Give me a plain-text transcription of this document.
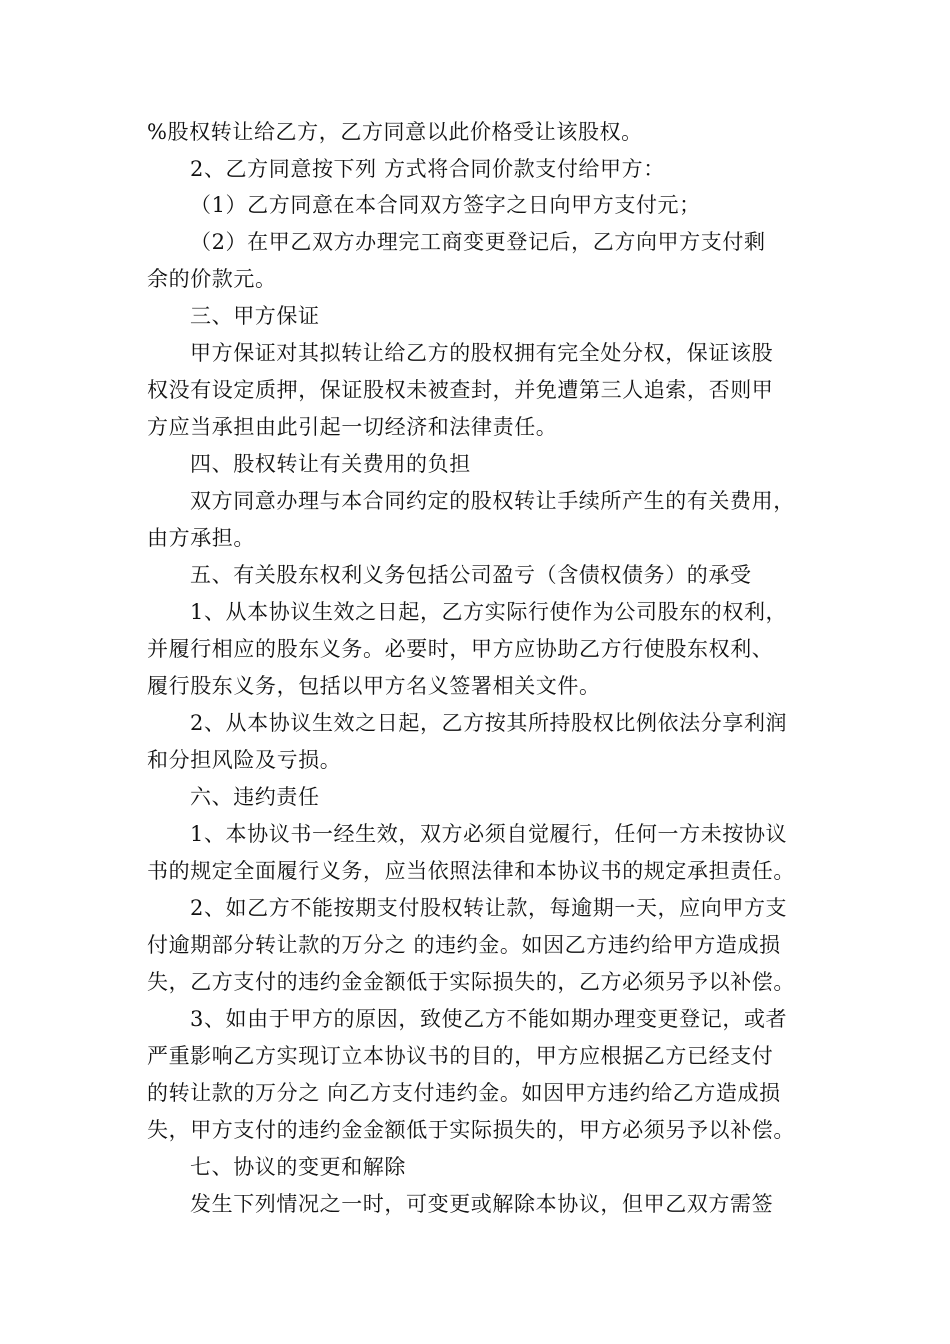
%股权转让给乙方，乙方同意以此价格受让该股权。
2、乙方同意按下列 方式将合同价款支付给甲方：
（1）乙方同意在本合同双方签字之日向甲方支付元；
（2）在甲乙双方办理完工商变更登记后，乙方向甲方支付剩
余的价款元。
三、甲方保证
甲方保证对其拟转让给乙方的股权拥有完全处分权，保证该股
权没有设定质押，保证股权未被查封，并免遭第三人追索，否则甲
方应当承担由此引起一切经济和法律责任。
四、股权转让有关费用的负担
双方同意办理与本合同约定的股权转让手续所产生的有关费用，
由方承担。
五、有关股东权利义务包括公司盈亏（含债权债务）的承受
1、从本协议生效之日起，乙方实际行使作为公司股东的权利，
并履行相应的股东义务。必要时，甲方应协助乙方行使股东权利、
履行股东义务，包括以甲方名义签署相关文件。
2、从本协议生效之日起，乙方按其所持股权比例依法分享利润
和分担风险及亏损。
六、违约责任
1、本协议书一经生效，双方必须自觉履行，任何一方未按协议
书的规定全面履行义务，应当依照法律和本协议书的规定承担责任。
2、如乙方不能按期支付股权转让款，每逾期一天，应向甲方支
付逾期部分转让款的万分之 的违约金。如因乙方违约给甲方造成损
失，乙方支付的违约金金额低于实际损失的，乙方必须另予以补偿。
3、如由于甲方的原因，致使乙方不能如期办理变更登记，或者
严重影响乙方实现订立本协议书的目的，甲方应根据乙方已经支付
的转让款的万分之 向乙方支付违约金。如因甲方违约给乙方造成损
失，甲方支付的违约金金额低于实际损失的，甲方必须另予以补偿。
七、协议的变更和解除
发生下列情况之一时，可变更或解除本协议，但甲乙双方需签
